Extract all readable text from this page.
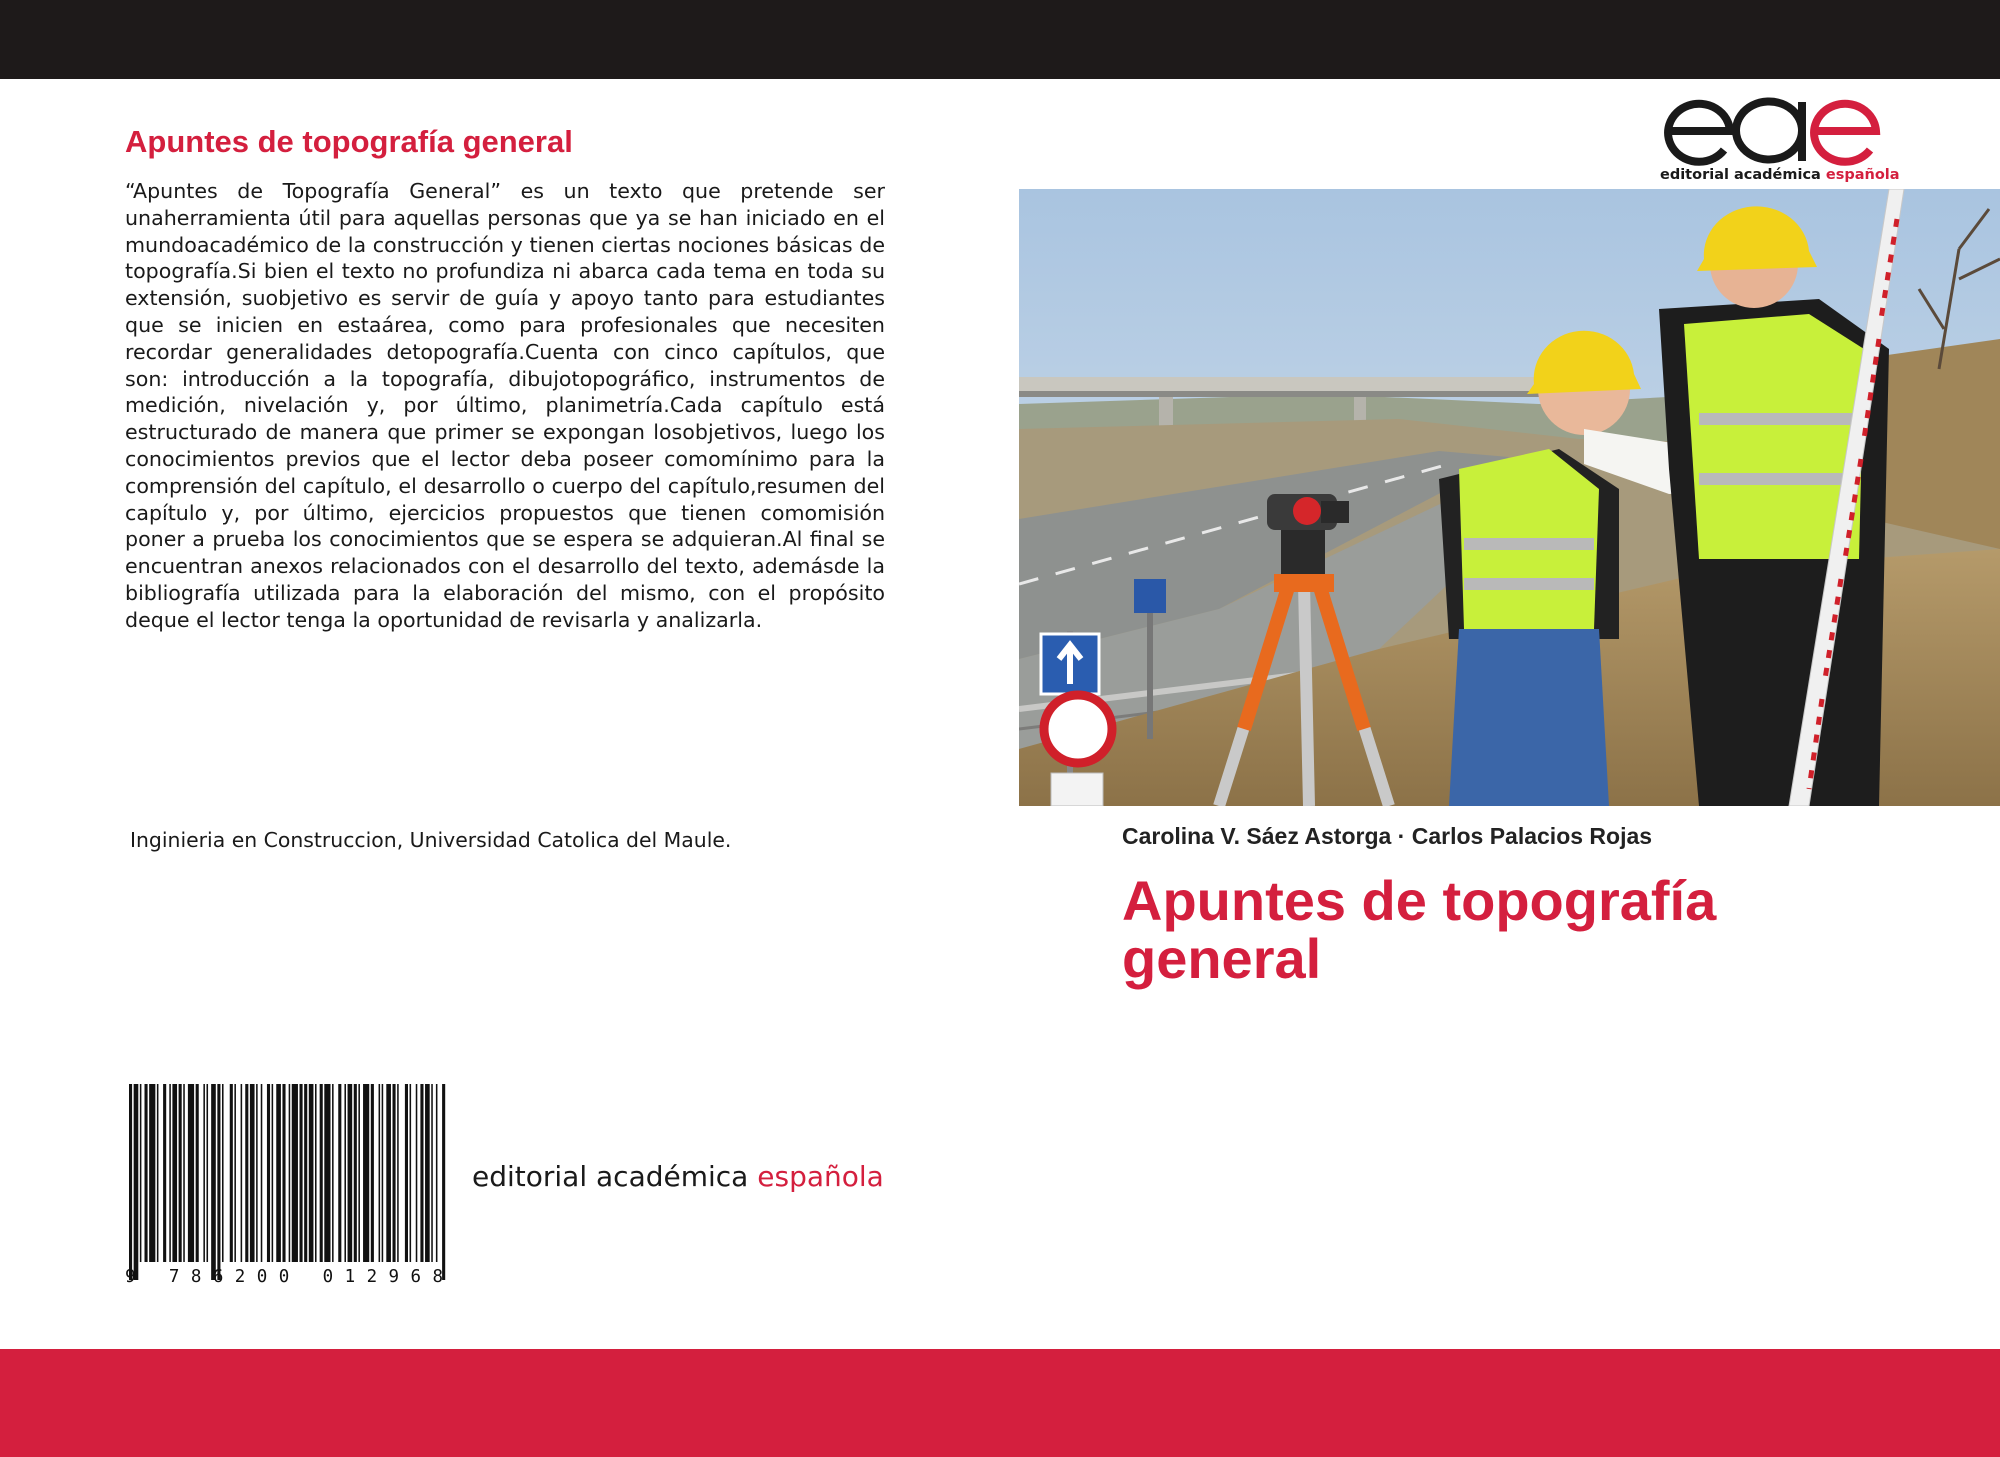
Apuntes de topografía general
“Apuntes de Topografía General” es un texto que pretende ser unaherramienta útil para aquellas personas que ya se han iniciado en el mundoacadémico de la construcción y tienen ciertas nociones básicas de topografía.Si bien el texto no profundiza ni abarca cada tema en toda su extensión, suobjetivo es servir de guía y apoyo tanto para estudiantes que se inicien en estaárea, como para profesionales que necesiten recordar generalidades detopografía.Cuenta con cinco capítulos, que son: introducción a la topografía, dibujotopográfico, instrumentos de medición, nivelación y, por último, planimetría.Cada capítulo está estructurado de manera que primer se expongan losobjetivos, luego los conocimientos previos que el lector deba poseer comomínimo para la comprensión del capítulo, el desarrollo o cuerpo del capítulo,resumen del capítulo y, por último, ejercicios propuestos que tienen comomisión poner a prueba los conocimientos que se espera se adquieran.Al final se encuentran anexos relacionados con el desarrollo del texto, ademásde la bibliografía utilizada para la elaboración del mismo, con el propósito deque el lector tenga la oportunidad de revisarla y analizarla.
Inginieria en Construccion, Universidad Catolica del Maule.
9 786200 012968
editorial académica española
editorial académica española
Carolina V. Sáez Astorga · Carlos Palacios Rojas
Apuntes de topografía general
